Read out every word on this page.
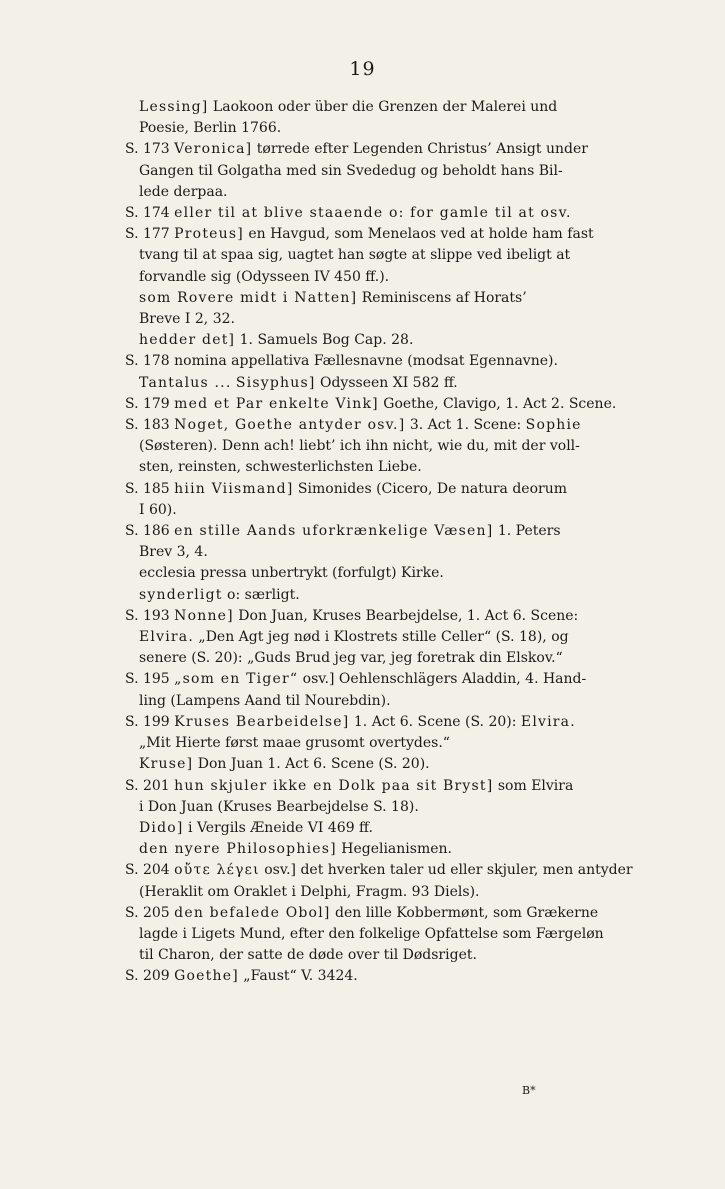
19
Lessing] Laokoon oder über die Grenzen der Malerei und
Poesie, Berlin 1766.
S. 173 Veronica] tørrede efter Legenden Christus’ Ansigt under
Gangen til Golgatha med sin Svededug og beholdt hans Bil-
lede derpaa.
S. 174 eller til at blive staaende o: for gamle til at osv.
S. 177 Proteus] en Havgud, som Menelaos ved at holde ham fast
tvang til at spaa sig, uagtet han søgte at slippe ved ibeligt at
forvandle sig (Odysseen IV 450 ff.).
som Rovere midt i Natten] Reminiscens af Horats’
Breve I 2, 32.
hedder det] 1. Samuels Bog Cap. 28.
S. 178 nomina appellativa Fællesnavne (modsat Egennavne).
Tantalus ... Sisyphus] Odysseen XI 582 ff.
S. 179 med et Par enkelte Vink] Goethe, Clavigo, 1. Act 2. Scene.
S. 183 Noget, Goethe antyder osv.] 3. Act 1. Scene: Sophie
(Søsteren). Denn ach! liebt’ ich ihn nicht, wie du, mit der voll-
sten, reinsten, schwesterlichsten Liebe.
S. 185 hiin Viismand] Simonides (Cicero, De natura deorum
I 60).
S. 186 en stille Aands uforkrænkelige Væsen] 1. Peters
Brev 3, 4.
ecclesia pressa unbertrykt (forfulgt) Kirke.
synderligt o: særligt.
S. 193 Nonne] Don Juan, Kruses Bearbejdelse, 1. Act 6. Scene:
Elvira. „Den Agt jeg nød i Klostrets stille Celler“ (S. 18), og
senere (S. 20): „Guds Brud jeg var, jeg foretrak din Elskov.“
S. 195 „som en Tiger“ osv.] Oehlenschlägers Aladdin, 4. Hand-
ling (Lampens Aand til Nourebdin).
S. 199 Kruses Bearbeidelse] 1. Act 6. Scene (S. 20): Elvira.
„Mit Hierte først maae grusomt overtydes.“
Kruse] Don Juan 1. Act 6. Scene (S. 20).
S. 201 hun skjuler ikke en Dolk paa sit Bryst] som Elvira
i Don Juan (Kruses Bearbejdelse S. 18).
Dido] i Vergils Æneide VI 469 ff.
den nyere Philosophies] Hegelianismen.
S. 204 οὔτε λέγει osv.] det hverken taler ud eller skjuler, men antyder
(Heraklit om Oraklet i Delphi, Fragm. 93 Diels).
S. 205 den befalede Obol] den lille Kobbermønt, som Grækerne
lagde i Ligets Mund, efter den folkelige Opfattelse som Færgeløn
til Charon, der satte de døde over til Dødsriget.
S. 209 Goethe] „Faust“ V. 3424.
B*
